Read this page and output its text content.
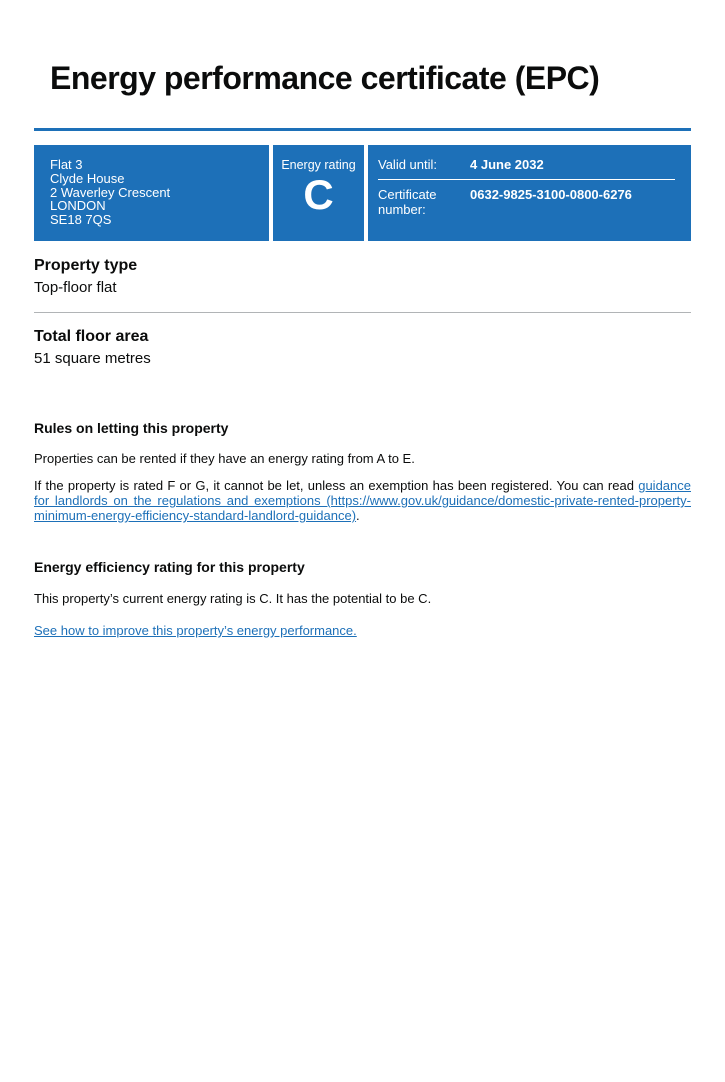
Energy performance certificate (EPC)
Flat 3
Clyde House
2 Waverley Crescent
LONDON
SE18 7QS
Energy rating
C
Valid until:	4 June 2032
Certificate number:
0632-9825-3100-0800-6276
Property type

Top-floor flat

Total floor area

51 square metres

Rules on letting this property

Properties can be rented if they have an energy rating from A to E.

If the property is rated F or G, it cannot be let, unless an exemption has been registered. You can read guidance for landlords on the regulations and exemptions (https://www.gov.uk/guidance/domestic-private-rented-property-minimum-energy-efficiency-standard-landlord-guidance).

Energy efficiency rating for this property

This property’s current energy rating is C. It has the potential to be C.

See how to improve this property’s energy performance.
